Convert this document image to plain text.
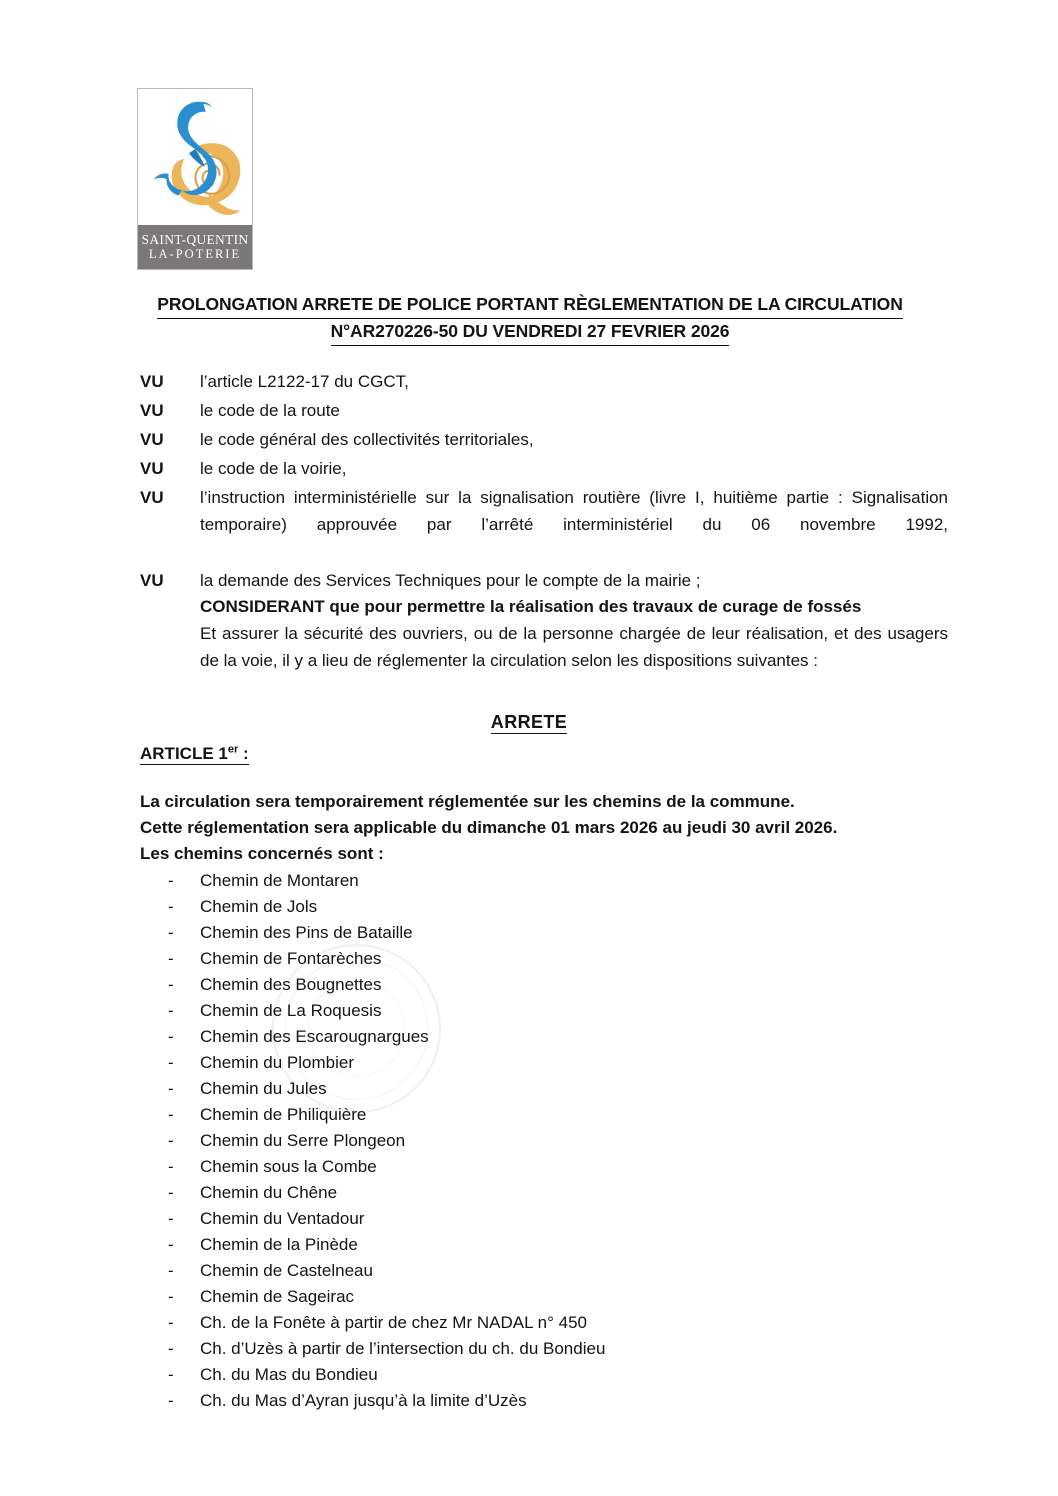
SAINT-QUENTIN
LA-POTERIE
PROLONGATION ARRETE DE POLICE PORTANT RÈGLEMENTATION DE LA CIRCULATION
N°AR270226-50 DU VENDREDI 27 FEVRIER 2026
VU	l’article L2122-17 du CGCT,
VU	le code de la route
VU	le code général des collectivités territoriales,
VU	le code de la voirie,
VU	l’instruction interministérielle sur la signalisation routière (livre I, huitième partie : Signalisation temporaire) approuvée par l’arrêté interministériel du 06 novembre 1992,
VU	la demande des Services Techniques pour le compte de la mairie ;
CONSIDERANT que pour permettre la réalisation des travaux de curage de fossés
Et assurer la sécurité des ouvriers, ou de la personne chargée de leur réalisation, et des usagers de la voie, il y a lieu de réglementer la circulation selon les dispositions suivantes :
ARRETE
ARTICLE 1er :
La circulation sera temporairement réglementée sur les chemins de la commune.
Cette réglementation sera applicable du dimanche 01 mars 2026 au jeudi 30 avril 2026.
Les chemins concernés sont :
-	Chemin de Montaren
-	Chemin de Jols
-	Chemin des Pins de Bataille
-	Chemin de Fontarèches
-	Chemin des Bougnettes
-	Chemin de La Roquesis
-	Chemin des Escarougnargues
-	Chemin du Plombier
-	Chemin du Jules
-	Chemin de Philiquière
-	Chemin du Serre Plongeon
-	Chemin sous la Combe
-	Chemin du Chêne
-	Chemin du Ventadour
-	Chemin de la Pinède
-	Chemin de Castelneau
-	Chemin de Sageirac
-	Ch. de la Fonête à partir de chez Mr NADAL n° 450
-	Ch. d’Uzès à partir de l’intersection du ch. du Bondieu
-	Ch. du Mas du Bondieu
-	Ch. du Mas d’Ayran jusqu’à la limite d’Uzès
